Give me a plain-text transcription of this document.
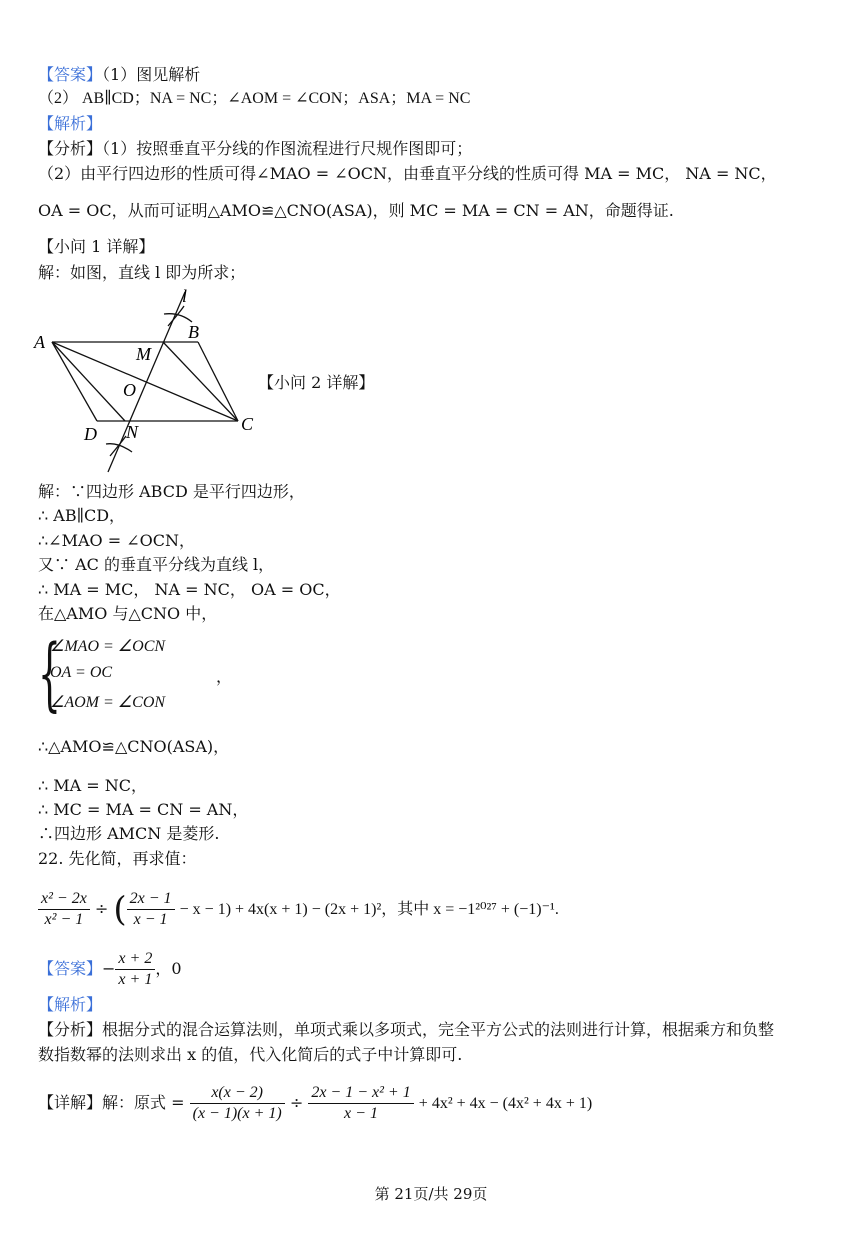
【答案】（1）图见解析
（2） AB∥CD；NA = NC；∠AOM = ∠CON；ASA；MA = NC
【解析】
【分析】（1）按照垂直平分线的作图流程进行尺规作图即可；
（2）由平行四边形的性质可得∠MAO = ∠OCN，由垂直平分线的性质可得 MA = MC， NA = NC，
OA = OC，从而可证明△AMO≌△CNO(ASA)，则 MC = MA = CN = AN，命题得证.
【小问 1 详解】
解：如图，直线 l 即为所求；
A	B
C
D
M
N
O
l
【小问 2 详解】
解：∵四边形 ABCD 是平行四边形，
∴ AB∥CD，
∴∠MAO = ∠OCN，
又∵ AC 的垂直平分线为直线 l，
∴ MA = MC， NA = NC， OA = OC，
在△AMO 与△CNO 中，
{
∠MAO = ∠OCN
OA = OC
∠AOM = ∠CON
，
∴△AMO≌△CNO(ASA)，
∴ MA = NC，
∴ MC = MA = CN = AN，
∴四边形 AMCN 是菱形.
22. 先化简，再求值：
$\frac{\text{x² − 2x}}{\text{x² − 1}}$ ÷ ( $\frac{2x - 1}{x - 1} - x - 1) + 4x(x + 1) - (2x + 1)^2$，其中 x = −1²⁰²⁷ + (−1)⁻¹.
【答案】− $\frac{x + 2}{x + 1}$ ，0
【解析】
【分析】根据分式的混合运算法则，单项式乘以多项式，完全平方公式的法则进行计算，根据乘方和负整
数指数幂的法则求出 x 的值，代入化简后的式子中计算即可.
【详解】解：原式 = $\frac{x(x - 2)}{(x - 1)(x + 1)} \div \frac{\text{2x − 1 − x² + 1}}{x - 1} + 4x^2 + 4x - (4x^2 + 4x + 1)$
第 21页/共 29页
